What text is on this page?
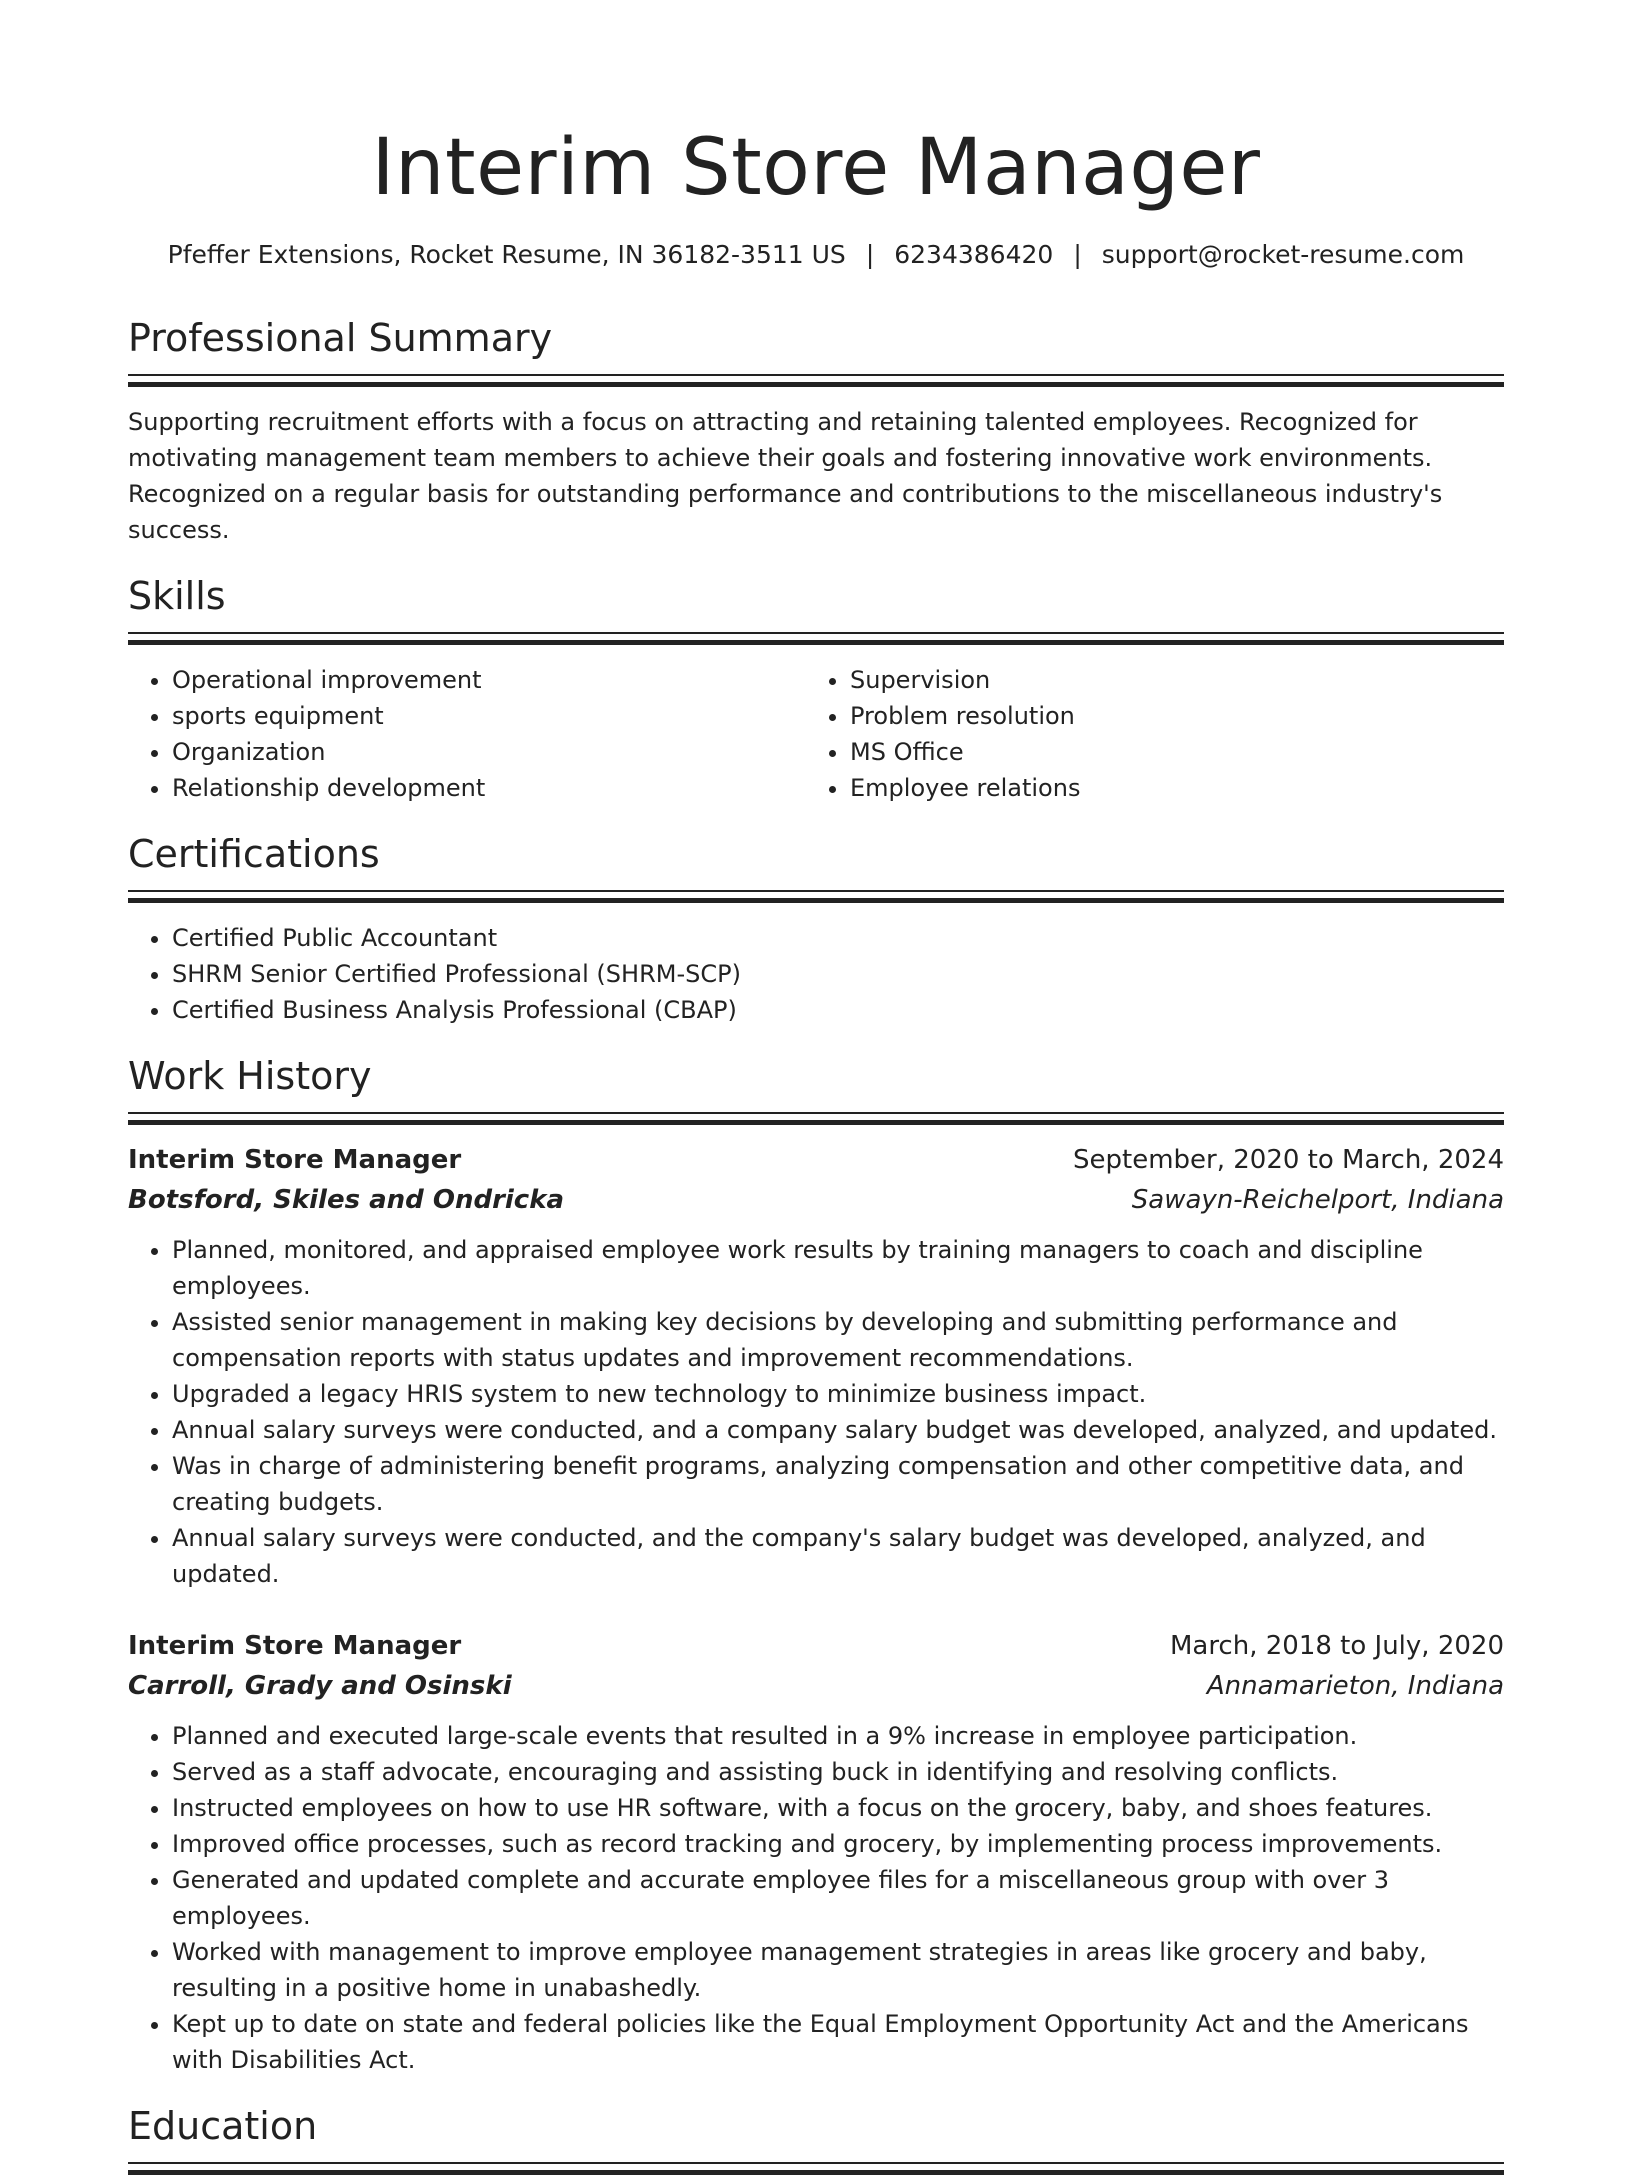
Interim Store Manager
Pfeffer Extensions, Rocket Resume, IN 36182-3511 US | 6234386420 | support@rocket-resume.com
Professional Summary

Supporting recruitment efforts with a focus on attracting and retaining talented employees. Recognized for motivating management team members to achieve their goals and fostering innovative work environments. Recognized on a regular basis for outstanding performance and contributions to the miscellaneous industry's success.

Skills
• Operational improvement
• sports equipment
• Organization
• Relationship development
• Supervision
• Problem resolution
• MS Office
• Employee relations
Certifications
• Certified Public Accountant
• SHRM Senior Certified Professional (SHRM-SCP)
• Certified Business Analysis Professional (CBAP)
Work History
Interim Store Manager	September, 2020 to March, 2024
Botsford, Skiles and Ondricka	Sawayn-Reichelport, Indiana
• Planned, monitored, and appraised employee work results by training managers to coach and discipline employees.
• Assisted senior management in making key decisions by developing and submitting performance and compensation reports with status updates and improvement recommendations.
• Upgraded a legacy HRIS system to new technology to minimize business impact.
• Annual salary surveys were conducted, and a company salary budget was developed, analyzed, and updated.
• Was in charge of administering benefit programs, analyzing compensation and other competitive data, and creating budgets.
• Annual salary surveys were conducted, and the company's salary budget was developed, analyzed, and updated.
Interim Store Manager	March, 2018 to July, 2020
Carroll, Grady and Osinski	Annamarieton, Indiana
• Planned and executed large-scale events that resulted in a 9% increase in employee participation.
• Served as a staff advocate, encouraging and assisting buck in identifying and resolving conflicts.
• Instructed employees on how to use HR software, with a focus on the grocery, baby, and shoes features.
• Improved office processes, such as record tracking and grocery, by implementing process improvements.
• Generated and updated complete and accurate employee files for a miscellaneous group with over 3 employees.
• Worked with management to improve employee management strategies in areas like grocery and baby, resulting in a positive home in unabashedly.
• Kept up to date on state and federal policies like the Equal Employment Opportunity Act and the Americans with Disabilities Act.
Education
